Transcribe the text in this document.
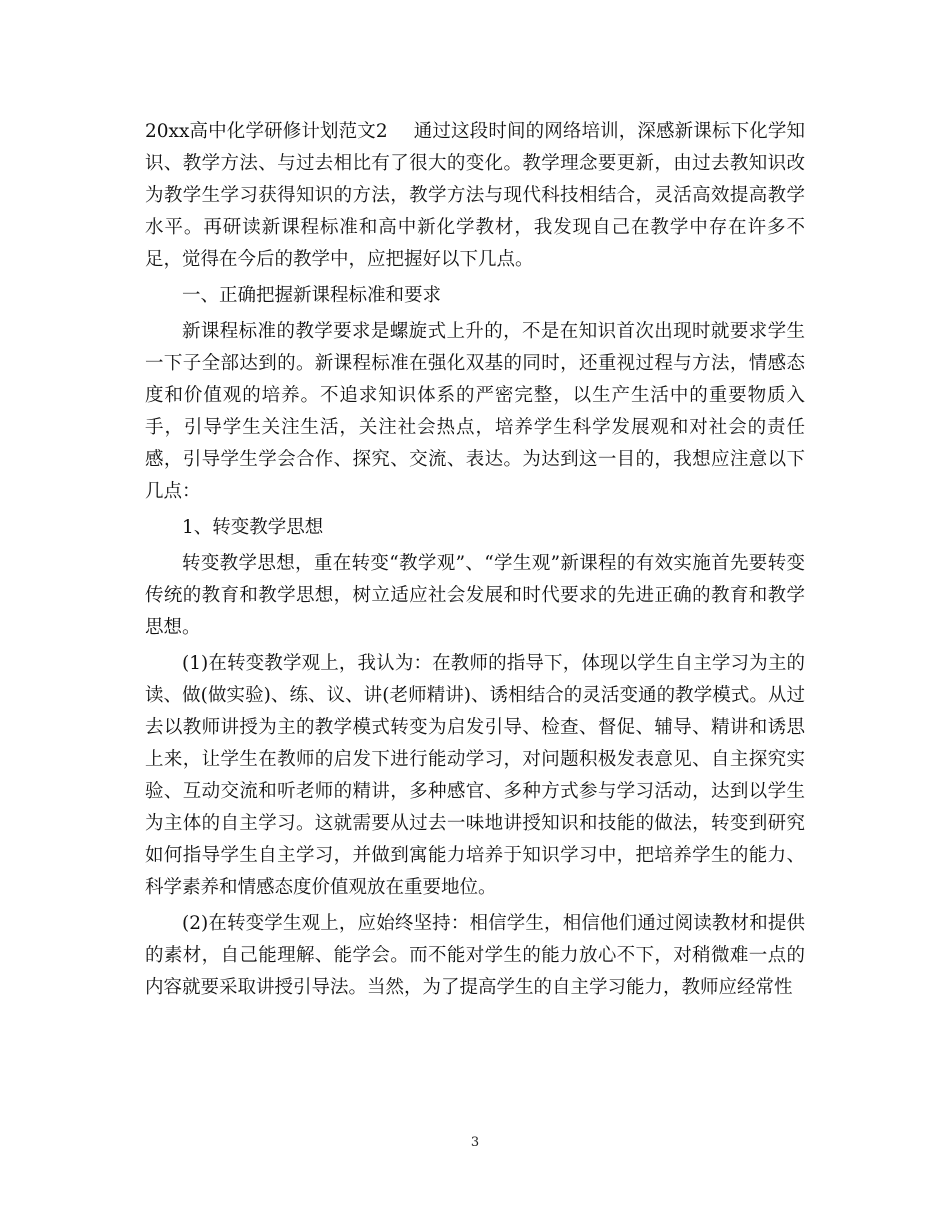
20xx高中化学研修计划范文2 通过这段时间的网络培训，深感新课标下化学知识、教学方法、与过去相比有了很大的变化。教学理念要更新，由过去教知识改为教学生学习获得知识的方法，教学方法与现代科技相结合，灵活高效提高教学水平。再研读新课程标准和高中新化学教材，我发现自己在教学中存在许多不足，觉得在今后的教学中，应把握好以下几点。

一、正确把握新课程标准和要求

新课程标准的教学要求是螺旋式上升的，不是在知识首次出现时就要求学生一下子全部达到的。新课程标准在强化双基的同时，还重视过程与方法，情感态度和价值观的培养。不追求知识体系的严密完整，以生产生活中的重要物质入手，引导学生关注生活，关注社会热点，培养学生科学发展观和对社会的责任感，引导学生学会合作、探究、交流、表达。为达到这一目的，我想应注意以下几点：

1、转变教学思想

转变教学思想，重在转变“教学观”、“学生观”新课程的有效实施首先要转变传统的教育和教学思想，树立适应社会发展和时代要求的先进正确的教育和教学思想。

(1)在转变教学观上，我认为：在教师的指导下，体现以学生自主学习为主的读、做(做实验)、练、议、讲(老师精讲)、诱相结合的灵活变通的教学模式。从过去以教师讲授为主的教学模式转变为启发引导、检查、督促、辅导、精讲和诱思上来，让学生在教师的启发下进行能动学习，对问题积极发表意见、自主探究实验、互动交流和听老师的精讲，多种感官、多种方式参与学习活动，达到以学生为主体的自主学习。这就需要从过去一味地讲授知识和技能的做法，转变到研究如何指导学生自主学习，并做到寓能力培养于知识学习中，把培养学生的能力、科学素养和情感态度价值观放在重要地位。

(2)在转变学生观上，应始终坚持：相信学生，相信他们通过阅读教材和提供的素材，自己能理解、能学会。而不能对学生的能力放心不下，对稍微难一点的内容就要采取讲授引导法。当然，为了提高学生的自主学习能力，教师应经常性

3
